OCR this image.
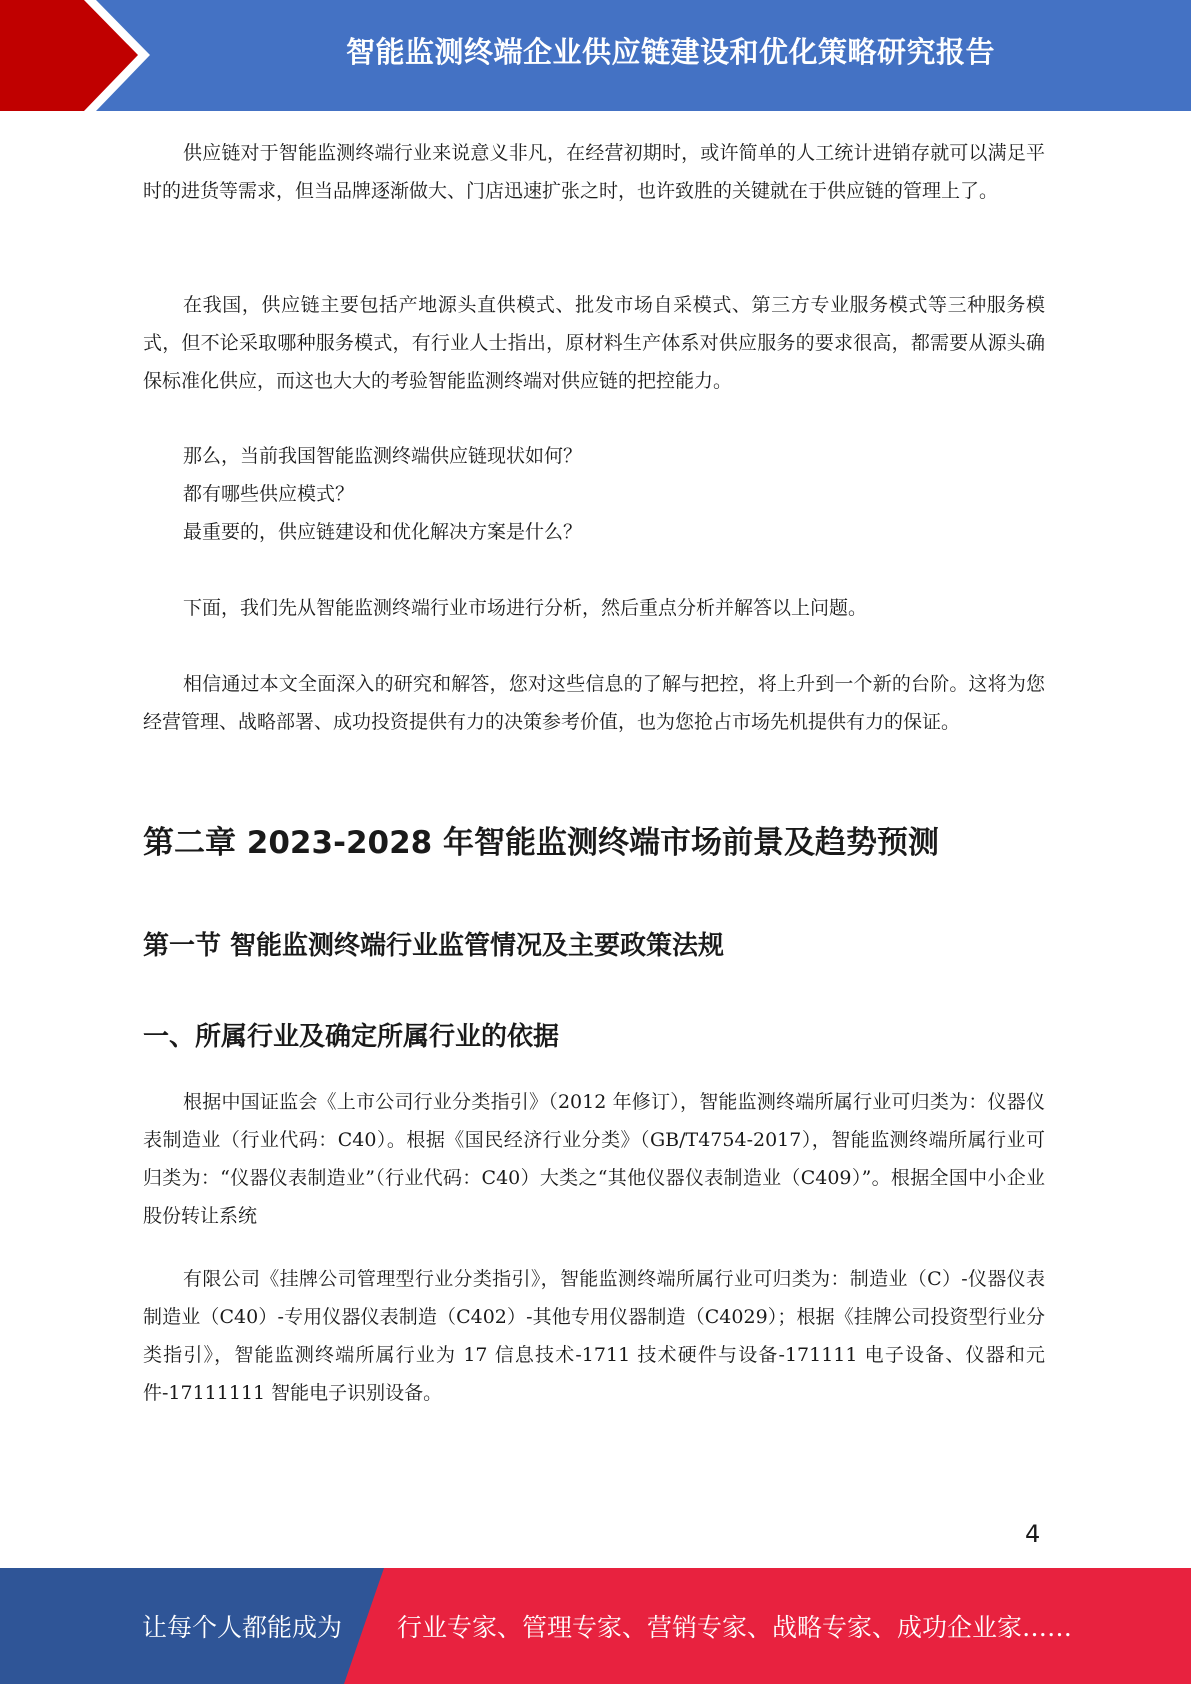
智能监测终端企业供应链建设和优化策略研究报告

供应链对于智能监测终端行业来说意义非凡，在经营初期时，或许简单的人工统计进销存就可以满足平时的进货等需求，但当品牌逐渐做大、门店迅速扩张之时，也许致胜的关键就在于供应链的管理上了。

在我国，供应链主要包括产地源头直供模式、批发市场自采模式、第三方专业服务模式等三种服务模式，但不论采取哪种服务模式，有行业人士指出，原材料生产体系对供应服务的要求很高，都需要从源头确保标准化供应，而这也大大的考验智能监测终端对供应链的把控能力。

那么，当前我国智能监测终端供应链现状如何？

都有哪些供应模式？

最重要的，供应链建设和优化解决方案是什么？

下面，我们先从智能监测终端行业市场进行分析，然后重点分析并解答以上问题。

相信通过本文全面深入的研究和解答，您对这些信息的了解与把控，将上升到一个新的台阶。这将为您经营管理、战略部署、成功投资提供有力的决策参考价值，也为您抢占市场先机提供有力的保证。

第二章 2023-2028 年智能监测终端市场前景及趋势预测
第一节 智能监测终端行业监管情况及主要政策法规
一、所属行业及确定所属行业的依据

根据中国证监会《上市公司行业分类指引》（2012 年修订），智能监测终端所属行业可归类为：仪器仪表制造业（行业代码：C40）。根据《国民经济行业分类》（GB/T4754-2017），智能监测终端所属行业可归类为：“仪器仪表制造业”（行业代码：C40）大类之“其他仪器仪表制造业（C409）”。根据全国中小企业股份转让系统

有限公司《挂牌公司管理型行业分类指引》，智能监测终端所属行业可归类为：制造业（C）-仪器仪表制造业（C40）-专用仪器仪表制造（C402）-其他专用仪器制造（C4029）；根据《挂牌公司投资型行业分类指引》，智能监测终端所属行业为 17 信息技术-1711 技术硬件与设备-171111 电子设备、仪器和元件-17111111 智能电子识别设备。

4
让每个人都能成为 行业专家、管理专家、营销专家、战略专家、成功企业家……
